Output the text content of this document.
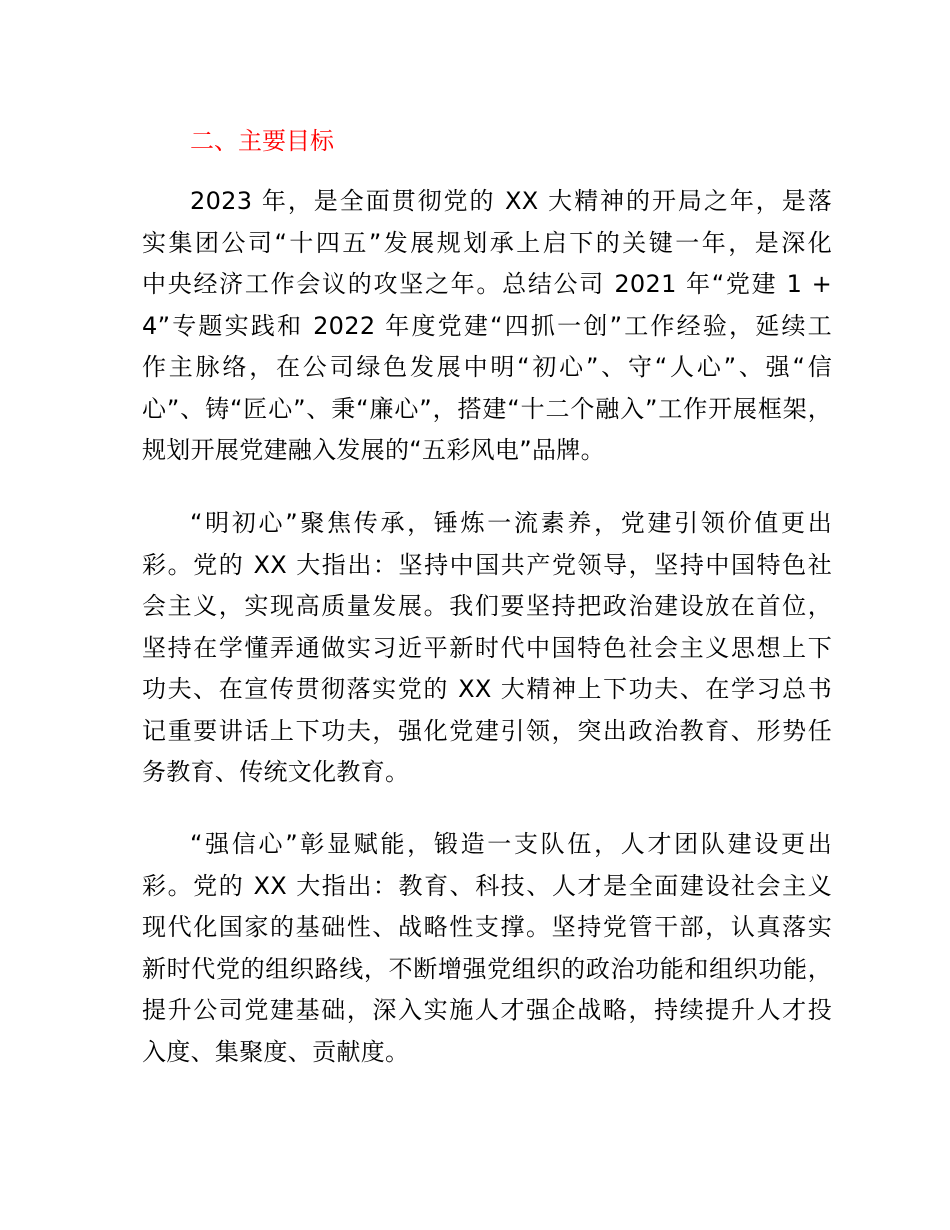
二、主要目标
2023 年，是全面贯彻党的 XX 大精神的开局之年，是落
实集团公司“十四五”发展规划承上启下的关键一年，是深化
中央经济工作会议的攻坚之年。总结公司 2021 年“党建 1 +
4”专题实践和 2022 年度党建“四抓一创”工作经验，延续工
作主脉络，在公司绿色发展中明“初心”、守“人心”、强“信
心”、铸“匠心”、秉“廉心”，搭建“十二个融入”工作开展框架，
规划开展党建融入发展的“五彩风电”品牌。
“明初心”聚焦传承，锤炼一流素养，党建引领价值更出
彩。党的 XX 大指出：坚持中国共产党领导，坚持中国特色社
会主义，实现高质量发展。我们要坚持把政治建设放在首位，
坚持在学懂弄通做实习近平新时代中国特色社会主义思想上下
功夫、在宣传贯彻落实党的 XX 大精神上下功夫、在学习总书
记重要讲话上下功夫，强化党建引领，突出政治教育、形势任
务教育、传统文化教育。
“强信心”彰显赋能，锻造一支队伍，人才团队建设更出
彩。党的 XX 大指出：教育、科技、人才是全面建设社会主义
现代化国家的基础性、战略性支撑。坚持党管干部，认真落实
新时代党的组织路线，不断增强党组织的政治功能和组织功能，
提升公司党建基础，深入实施人才强企战略，持续提升人才投
入度、集聚度、贡献度。
